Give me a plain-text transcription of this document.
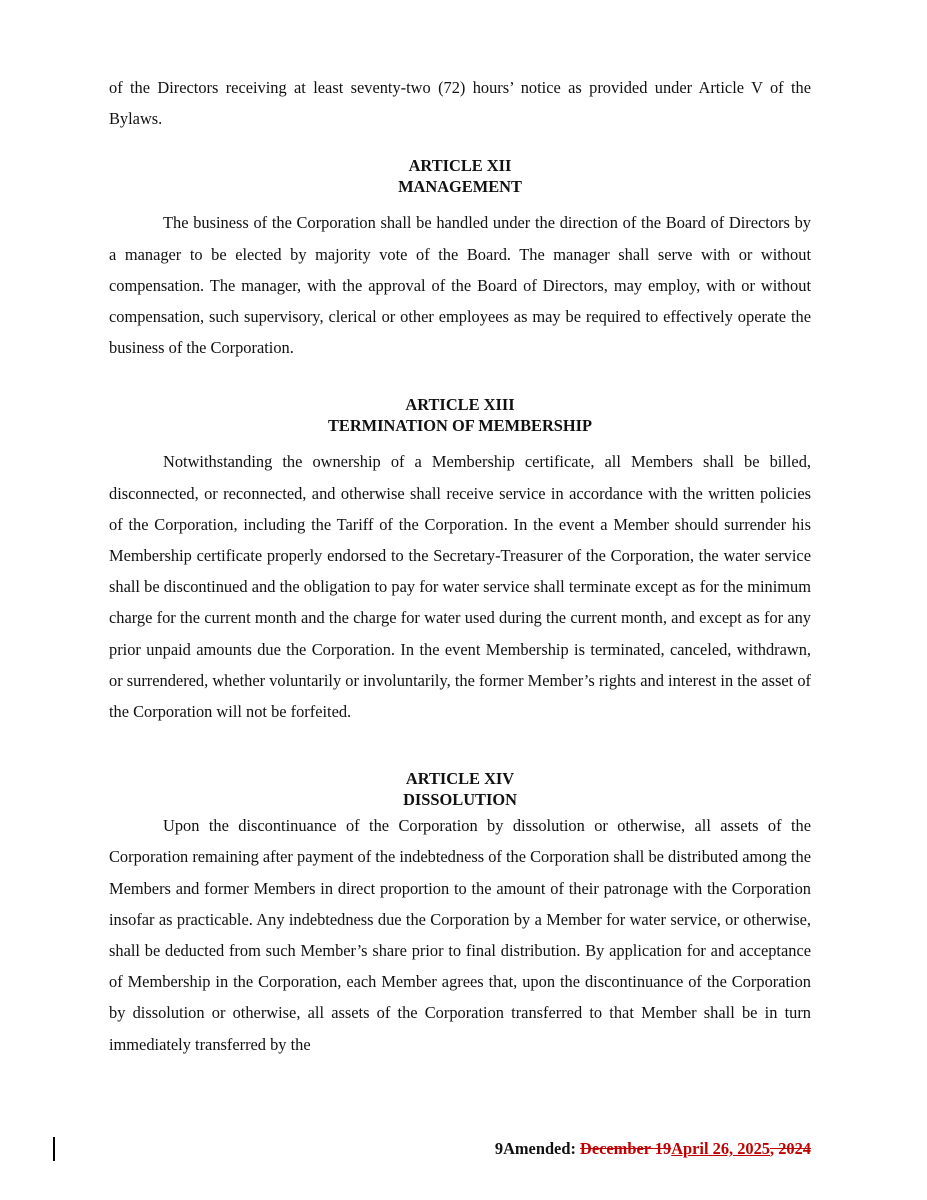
of the Directors receiving at least seventy-two (72) hours’ notice as provided under Article V of the Bylaws.

ARTICLE XII
MANAGEMENT

The business of the Corporation shall be handled under the direction of the Board of Directors by a manager to be elected by majority vote of the Board. The manager shall serve with or without compensation. The manager, with the approval of the Board of Directors, may employ, with or without compensation, such supervisory, clerical or other employees as may be required to effectively operate the business of the Corporation.

ARTICLE XIII
TERMINATION OF MEMBERSHIP

Notwithstanding the ownership of a Membership certificate, all Members shall be billed, disconnected, or reconnected, and otherwise shall receive service in accordance with the written policies of the Corporation, including the Tariff of the Corporation. In the event a Member should surrender his Membership certificate properly endorsed to the Secretary-Treasurer of the Corporation, the water service shall be discontinued and the obligation to pay for water service shall terminate except as for the minimum charge for the current month and the charge for water used during the current month, and except as for any prior unpaid amounts due the Corporation. In the event Membership is terminated, canceled, withdrawn, or surrendered, whether voluntarily or involuntarily, the former Member’s rights and interest in the asset of the Corporation will not be forfeited.

ARTICLE XIV
DISSOLUTION

Upon the discontinuance of the Corporation by dissolution or otherwise, all assets of the Corporation remaining after payment of the indebtedness of the Corporation shall be distributed among the Members and former Members in direct proportion to the amount of their patronage with the Corporation insofar as practicable. Any indebtedness due the Corporation by a Member for water service, or otherwise, shall be deducted from such Member’s share prior to final distribution. By application for and acceptance of Membership in the Corporation, each Member agrees that, upon the discontinuance of the Corporation by dissolution or otherwise, all assets of the Corporation transferred to that Member shall be in turn immediately transferred by the

9Amended: December 19April 26, 2025, 2024
